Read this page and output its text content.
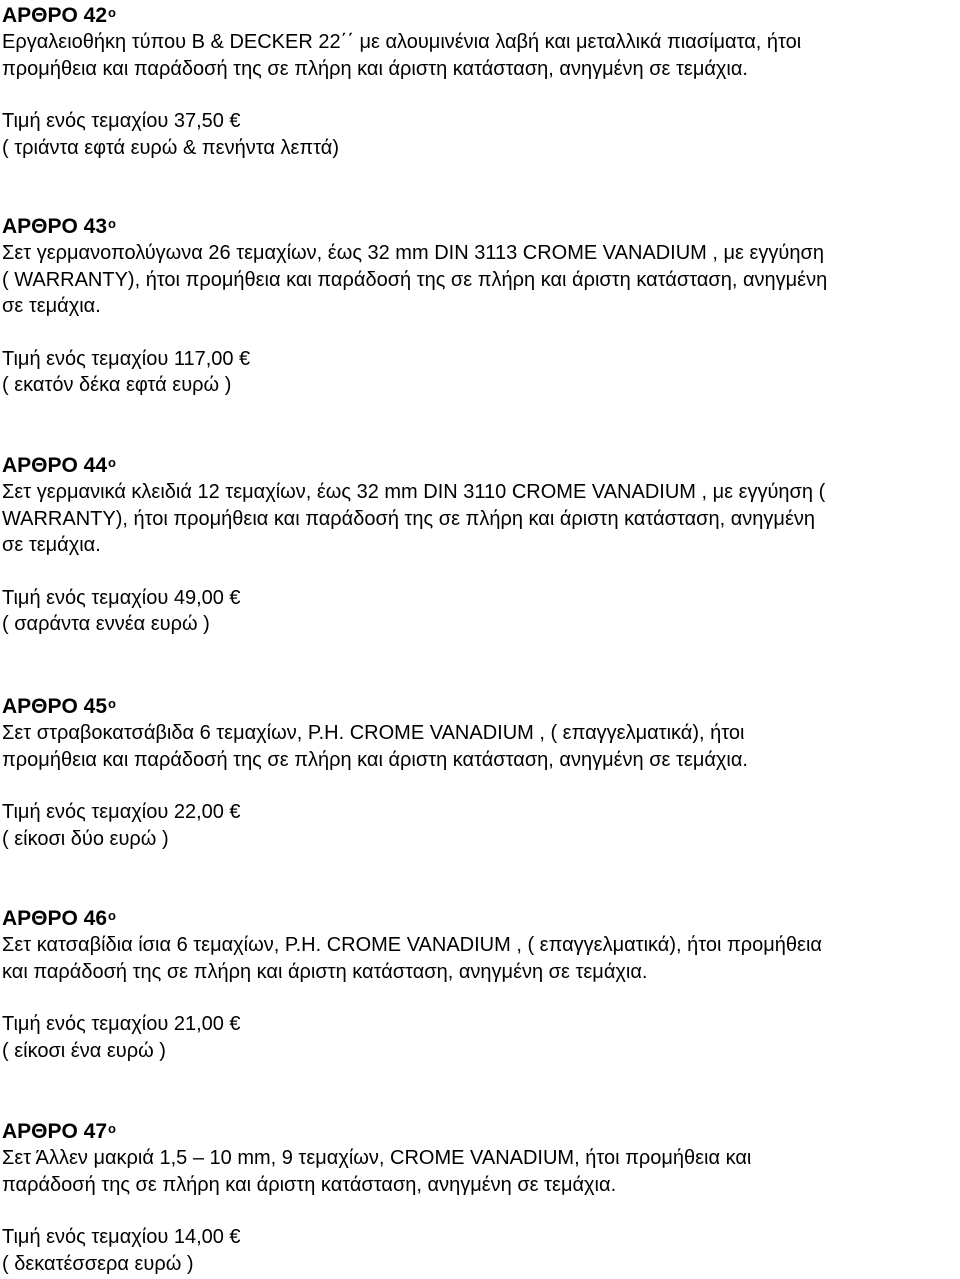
ΑΡΘΡΟ $42^o$

Εργαλειοθήκη τύπου B & DECKER 22΄΄ με αλουμινένια λαβή και μεταλλικά πιασίματα, ήτοι

προμήθεια και παράδοσή της σε πλήρη και άριστη κατάσταση, ανηγμένη σε τεμάχια.

Τιμή ενός τεμαχίου 37,50 €

( τριάντα εφτά ευρώ & πενήντα λεπτά)

ΑΡΘΡΟ $43^o$

Σετ γερμανοπολύγωνα 26 τεμαχίων, έως 32 mm DIN 3113 CROME VANADIUM , με εγγύηση

( WARRANTY), ήτοι προμήθεια και παράδοσή της σε πλήρη και άριστη κατάσταση, ανηγμένη

σε τεμάχια.

Τιμή ενός τεμαχίου 117,00 €

( εκατόν δέκα εφτά ευρώ )

ΑΡΘΡΟ $44^o$

Σετ γερμανικά κλειδιά 12 τεμαχίων, έως 32 mm DIN 3110 CROME VANADIUM , με εγγύηση (

WARRANTY), ήτοι προμήθεια και παράδοσή της σε πλήρη και άριστη κατάσταση, ανηγμένη

σε τεμάχια.

Τιμή ενός τεμαχίου 49,00 €

( σαράντα εννέα ευρώ )

ΑΡΘΡΟ $45^o$

Σετ στραβοκατσάβιδα 6 τεμαχίων, P.H. CROME VANADIUM , ( επαγγελματικά), ήτοι

προμήθεια και παράδοσή της σε πλήρη και άριστη κατάσταση, ανηγμένη σε τεμάχια.

Τιμή ενός τεμαχίου 22,00 €

( είκοσι δύο ευρώ )

ΑΡΘΡΟ $46^o$

Σετ κατσαβίδια ίσια 6 τεμαχίων, P.H. CROME VANADIUM , ( επαγγελματικά), ήτοι προμήθεια

και παράδοσή της σε πλήρη και άριστη κατάσταση, ανηγμένη σε τεμάχια.

Τιμή ενός τεμαχίου 21,00 €

( είκοσι ένα ευρώ )

ΑΡΘΡΟ $47^o$

Σετ Άλλεν μακριά 1,5 – 10 mm, 9 τεμαχίων, CROME VANADIUM, ήτοι προμήθεια και

παράδοσή της σε πλήρη και άριστη κατάσταση, ανηγμένη σε τεμάχια.

Τιμή ενός τεμαχίου 14,00 €

( δεκατέσσερα ευρώ )
